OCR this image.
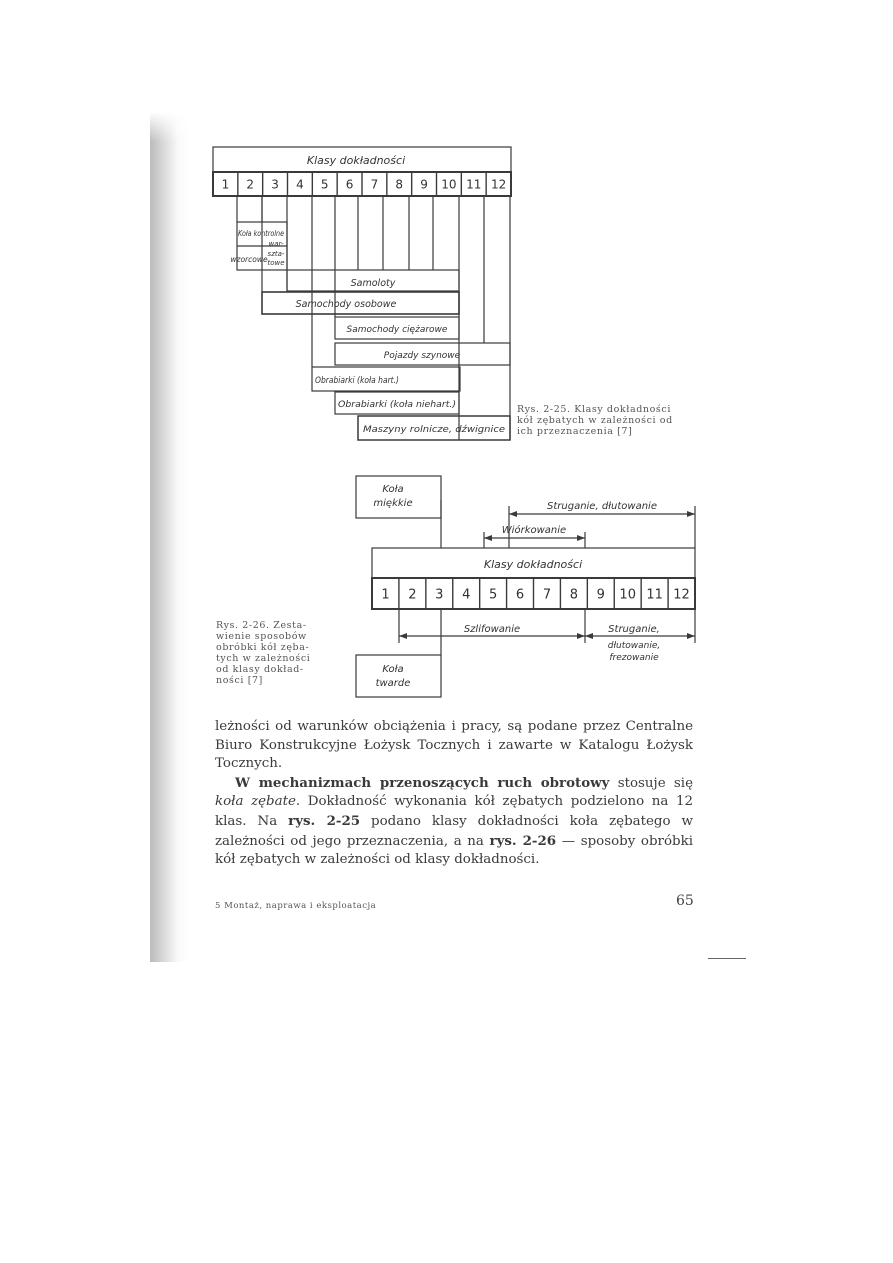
Klasy dokładności
1 2 3 4 5 6 7 8 9 10 11 12
Koła kontrolne
wzorcowe
war-
szta-
towe
Samoloty
Samochody osobowe
Samochody ciężarowe
Pojazdy szynowe
Obrabiarki (koła hart.)
Obrabiarki (koła niehart.)
Maszyny rolnicze, dźwignice
Koła
miękkie	Struganie, dłutowanie
Wiórkowanie
Klasy dokładności
1 2 3 4 5 6 7 8 9 10 11 12
Szlifowanie	Struganie,
dłutowanie,
frezowanie
Koła
twarde
Rys. 2-25. Klasy dokładności
kół zębatych w zależności od
ich przeznaczenia [7]
Rys. 2-26. Zesta-
wienie sposobów
obróbki kół zęba-
tych w zależności
od klasy dokład-
ności [7]

leżności od warunków obciążenia i pracy, są podane przez Centralne Biuro Konstrukcyjne Łożysk Tocznych i zawarte w Katalogu Łożysk Tocznych.

W mechanizmach przenoszących ruch obrotowy stosuje się koła zębate. Dokładność wykonania kół zębatych podzielono na 12 klas. Na rys. 2-25 podano klasy dokładności koła zębatego w zależności od jego przeznaczenia, a na rys. 2-26 — sposoby obróbki kół zębatych w zależności od klasy dokładności.

5 Montaż, naprawa i eksploatacja	65
